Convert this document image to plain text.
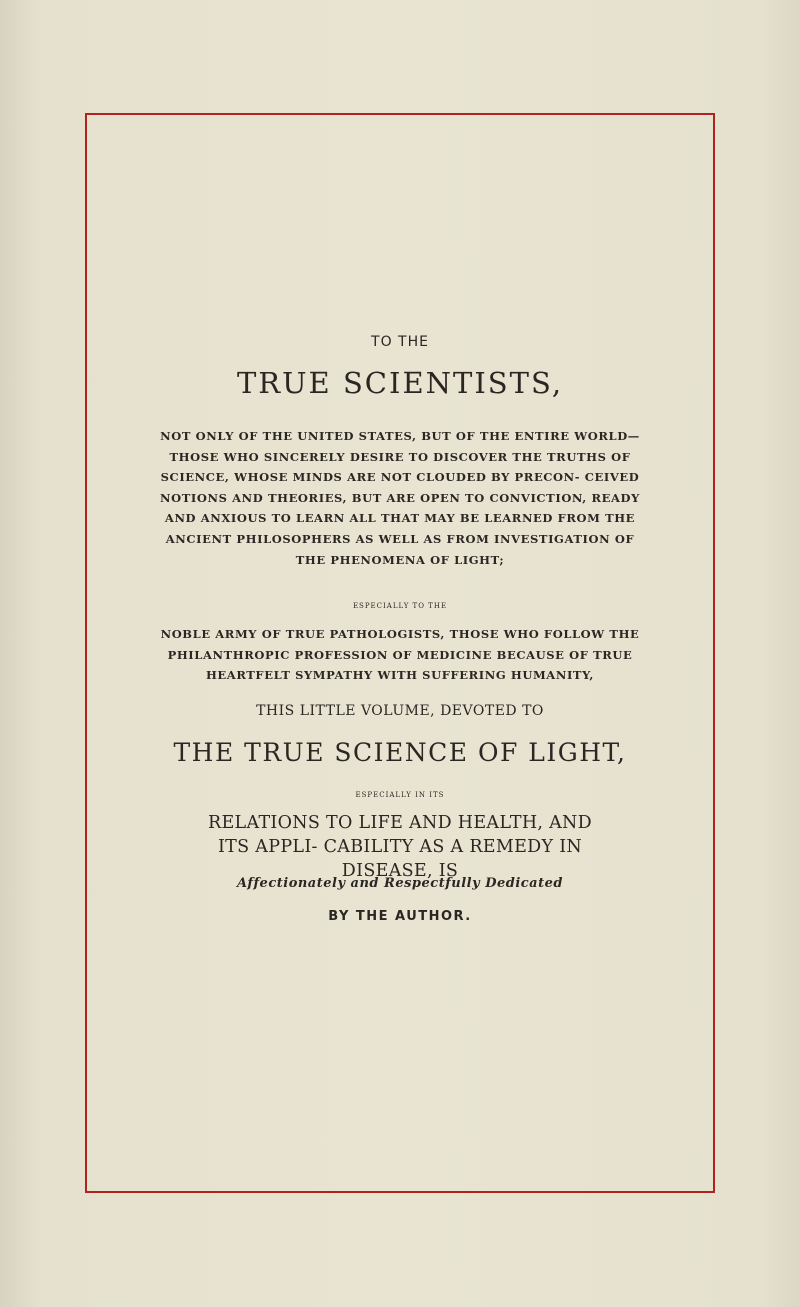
TO THE
TRUE SCIENTISTS,
NOT ONLY OF THE UNITED STATES, BUT OF THE ENTIRE WORLD— THOSE WHO SINCERELY DESIRE TO DISCOVER THE TRUTHS OF SCIENCE, WHOSE MINDS ARE NOT CLOUDED BY PRECON- CEIVED NOTIONS AND THEORIES, BUT ARE OPEN TO CONVICTION, READY AND ANXIOUS TO LEARN ALL THAT MAY BE LEARNED FROM THE ANCIENT PHILOSOPHERS AS WELL AS FROM INVESTIGATION OF THE PHENOMENA OF LIGHT;
ESPECIALLY TO THE
NOBLE ARMY OF TRUE PATHOLOGISTS, THOSE WHO FOLLOW THE PHILANTHROPIC PROFESSION OF MEDICINE BECAUSE OF TRUE HEARTFELT SYMPATHY WITH SUFFERING HUMANITY,
THIS LITTLE VOLUME, DEVOTED TO
THE TRUE SCIENCE OF LIGHT,
ESPECIALLY IN ITS
RELATIONS TO LIFE AND HEALTH, AND ITS APPLI- CABILITY AS A REMEDY IN DISEASE, IS
Affectionately and Respectfully Dedicated
BY THE AUTHOR.
